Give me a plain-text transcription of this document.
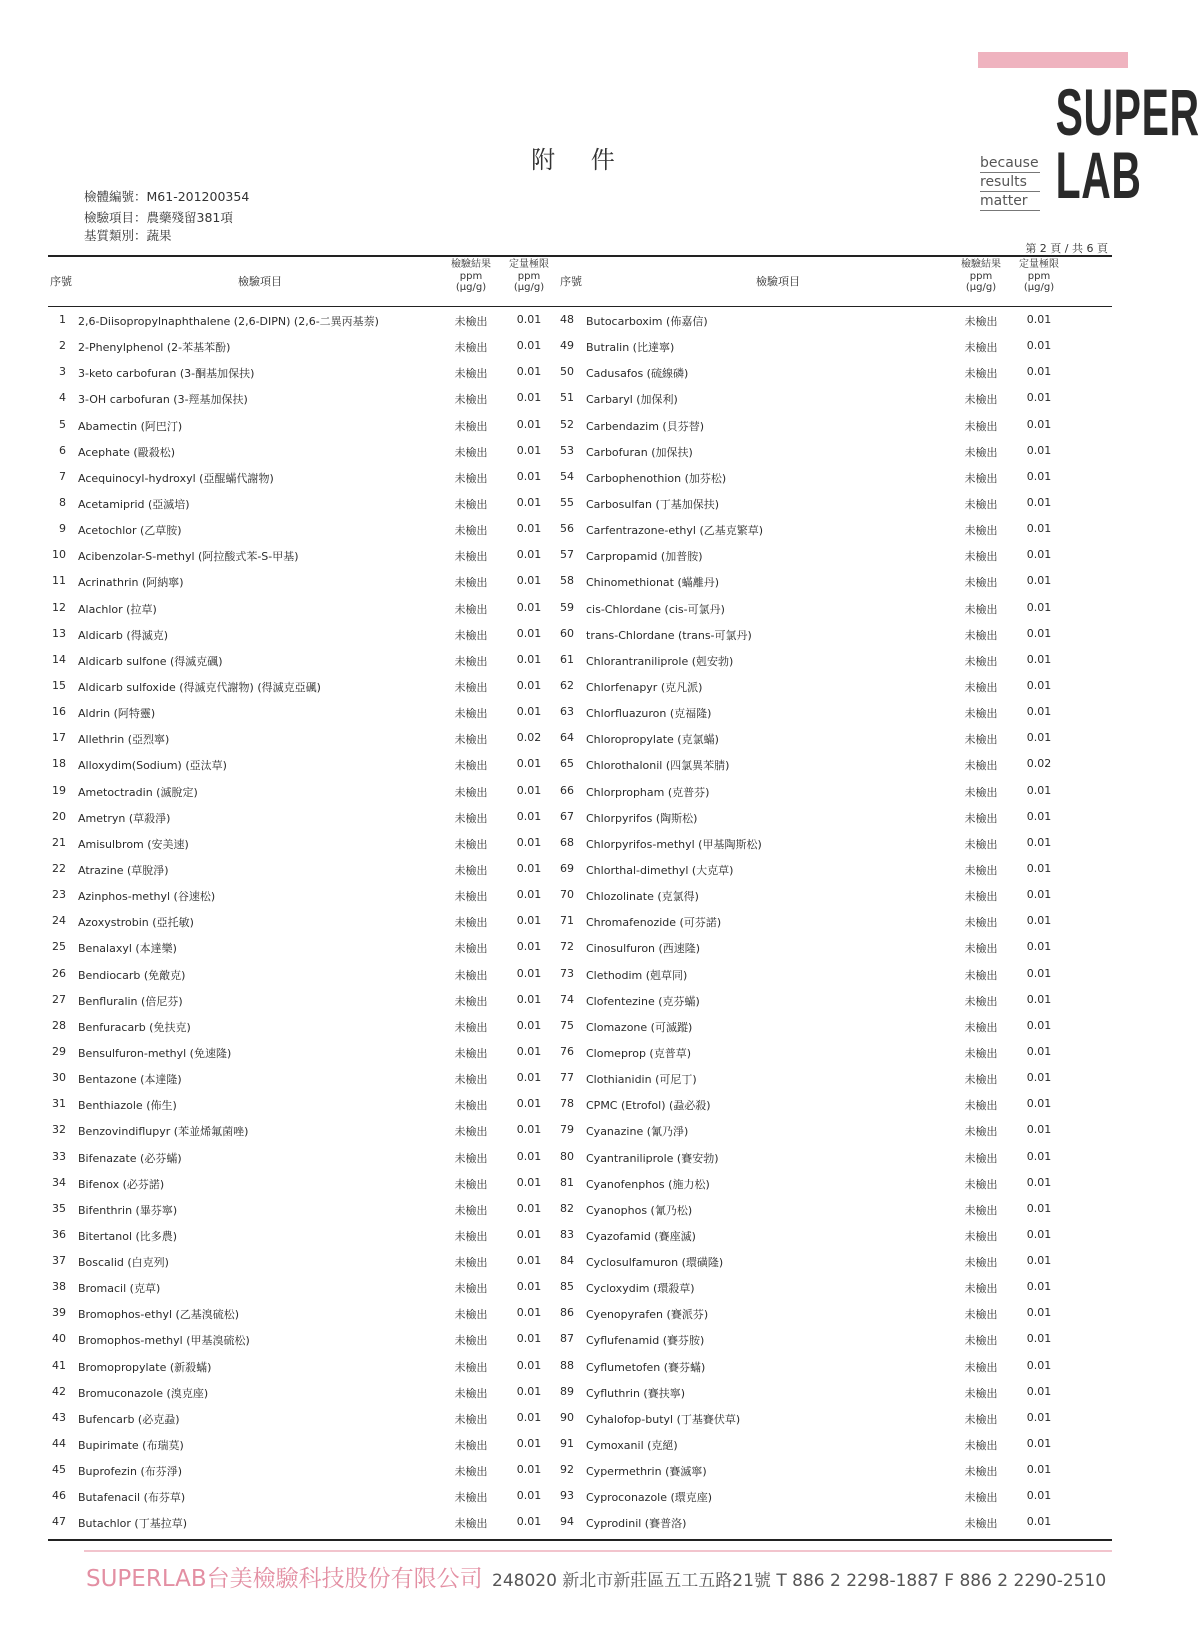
SUPER
LAB
because
results
matter
附 件
檢體編號：M61-201200354
檢驗項目：農藥殘留381項
基質類別：蔬果
第 2 頁 / 共 6 頁
序號	檢驗項目
檢驗結果
ppm
(μg/g)
定量極限
ppm
(μg/g)	序號	檢驗項目
檢驗結果
ppm
(μg/g)
定量極限
ppm
(μg/g)
1 2,6-Diisopropylnaphthalene (2,6-DIPN) (2,6-二異丙基萘)	未檢出	0.01	48 Butocarboxim (佈嘉信)	未檢出	0.01
2 2-Phenylphenol (2-苯基苯酚)	未檢出	0.01	49 Butralin (比達寧)	未檢出	0.01
3 3-keto carbofuran (3-酮基加保扶)	未檢出	0.01	50 Cadusafos (硫線磷)	未檢出	0.01
4 3-OH carbofuran (3-羥基加保扶)	未檢出	0.01	51 Carbaryl (加保利)	未檢出	0.01
5 Abamectin (阿巴汀)	未檢出	0.01	52 Carbendazim (貝芬替)	未檢出	0.01
6 Acephate (毆殺松)	未檢出	0.01	53 Carbofuran (加保扶)	未檢出	0.01
7 Acequinocyl-hydroxyl (亞醌蟎代謝物)	未檢出	0.01	54 Carbophenothion (加芬松)	未檢出	0.01
8 Acetamiprid (亞滅培)	未檢出	0.01	55 Carbosulfan (丁基加保扶)	未檢出	0.01
9 Acetochlor (乙草胺)	未檢出	0.01	56 Carfentrazone-ethyl (乙基克繁草)	未檢出	0.01
10 Acibenzolar-S-methyl (阿拉酸式苯-S-甲基)	未檢出	0.01	57 Carpropamid (加普胺)	未檢出	0.01
11 Acrinathrin (阿納寧)	未檢出	0.01	58 Chinomethionat (蟎離丹)	未檢出	0.01
12 Alachlor (拉草)	未檢出	0.01	59 cis-Chlordane (cis-可氯丹)	未檢出	0.01
13 Aldicarb (得滅克)	未檢出	0.01	60 trans-Chlordane (trans-可氯丹)	未檢出	0.01
14 Aldicarb sulfone (得滅克碸)	未檢出	0.01	61 Chlorantraniliprole (剋安勃)	未檢出	0.01
15 Aldicarb sulfoxide (得滅克代謝物) (得滅克亞碸)	未檢出	0.01	62 Chlorfenapyr (克凡派)	未檢出	0.01
16 Aldrin (阿特靈)	未檢出	0.01	63 Chlorfluazuron (克福隆)	未檢出	0.01
17 Allethrin (亞烈寧)	未檢出	0.02	64 Chloropropylate (克氯蟎)	未檢出	0.01
18 Alloxydim(Sodium) (亞汰草)	未檢出	0.01	65 Chlorothalonil (四氯異苯腈)	未檢出	0.02
19 Ametoctradin (滅脫定)	未檢出	0.01	66 Chlorpropham (克普芬)	未檢出	0.01
20 Ametryn (草殺淨)	未檢出	0.01	67 Chlorpyrifos (陶斯松)	未檢出	0.01
21 Amisulbrom (安美速)	未檢出	0.01	68 Chlorpyrifos-methyl (甲基陶斯松)	未檢出	0.01
22 Atrazine (草脫淨)	未檢出	0.01	69 Chlorthal-dimethyl (大克草)	未檢出	0.01
23 Azinphos-methyl (谷速松)	未檢出	0.01	70 Chlozolinate (克氯得)	未檢出	0.01
24 Azoxystrobin (亞托敏)	未檢出	0.01	71 Chromafenozide (可芬諾)	未檢出	0.01
25 Benalaxyl (本達樂)	未檢出	0.01	72 Cinosulfuron (西速隆)	未檢出	0.01
26 Bendiocarb (免敵克)	未檢出	0.01	73 Clethodim (剋草同)	未檢出	0.01
27 Benfluralin (倍尼芬)	未檢出	0.01	74 Clofentezine (克芬蟎)	未檢出	0.01
28 Benfuracarb (免扶克)	未檢出	0.01	75 Clomazone (可滅蹤)	未檢出	0.01
29 Bensulfuron-methyl (免速隆)	未檢出	0.01	76 Clomeprop (克普草)	未檢出	0.01
30 Bentazone (本達隆)	未檢出	0.01	77 Clothianidin (可尼丁)	未檢出	0.01
31 Benthiazole (佈生)	未檢出	0.01	78 CPMC (Etrofol) (蝨必殺)	未檢出	0.01
32 Benzovindiflupyr (苯並烯氟菌唑)	未檢出	0.01	79 Cyanazine (氰乃淨)	未檢出	0.01
33 Bifenazate (必芬蟎)	未檢出	0.01	80 Cyantraniliprole (賽安勃)	未檢出	0.01
34 Bifenox (必芬諾)	未檢出	0.01	81 Cyanofenphos (施力松)	未檢出	0.01
35 Bifenthrin (畢芬寧)	未檢出	0.01	82 Cyanophos (氰乃松)	未檢出	0.01
36 Bitertanol (比多農)	未檢出	0.01	83 Cyazofamid (賽座滅)	未檢出	0.01
37 Boscalid (白克列)	未檢出	0.01	84 Cyclosulfamuron (環磺隆)	未檢出	0.01
38 Bromacil (克草)	未檢出	0.01	85 Cycloxydim (環殺草)	未檢出	0.01
39 Bromophos-ethyl (乙基溴硫松)	未檢出	0.01	86 Cyenopyrafen (賽派芬)	未檢出	0.01
40 Bromophos-methyl (甲基溴硫松)	未檢出	0.01	87 Cyflufenamid (賽芬胺)	未檢出	0.01
41 Bromopropylate (新殺蟎)	未檢出	0.01	88 Cyflumetofen (賽芬蟎)	未檢出	0.01
42 Bromuconazole (溴克座)	未檢出	0.01	89 Cyfluthrin (賽扶寧)	未檢出	0.01
43 Bufencarb (必克蝨)	未檢出	0.01	90 Cyhalofop-butyl (丁基賽伏草)	未檢出	0.01
44 Bupirimate (布瑞莫)	未檢出	0.01	91 Cymoxanil (克絕)	未檢出	0.01
45 Buprofezin (布芬淨)	未檢出	0.01	92 Cypermethrin (賽滅寧)	未檢出	0.01
46 Butafenacil (布芬草)	未檢出	0.01	93 Cyproconazole (環克座)	未檢出	0.01
47 Butachlor (丁基拉草)	未檢出	0.01	94 Cyprodinil (賽普洛)	未檢出	0.01
SUPERLAB台美檢驗科技股份有限公司 248020 新北市新莊區五工五路21號 T 886 2 2298-1887 F 886 2 2290-2510
